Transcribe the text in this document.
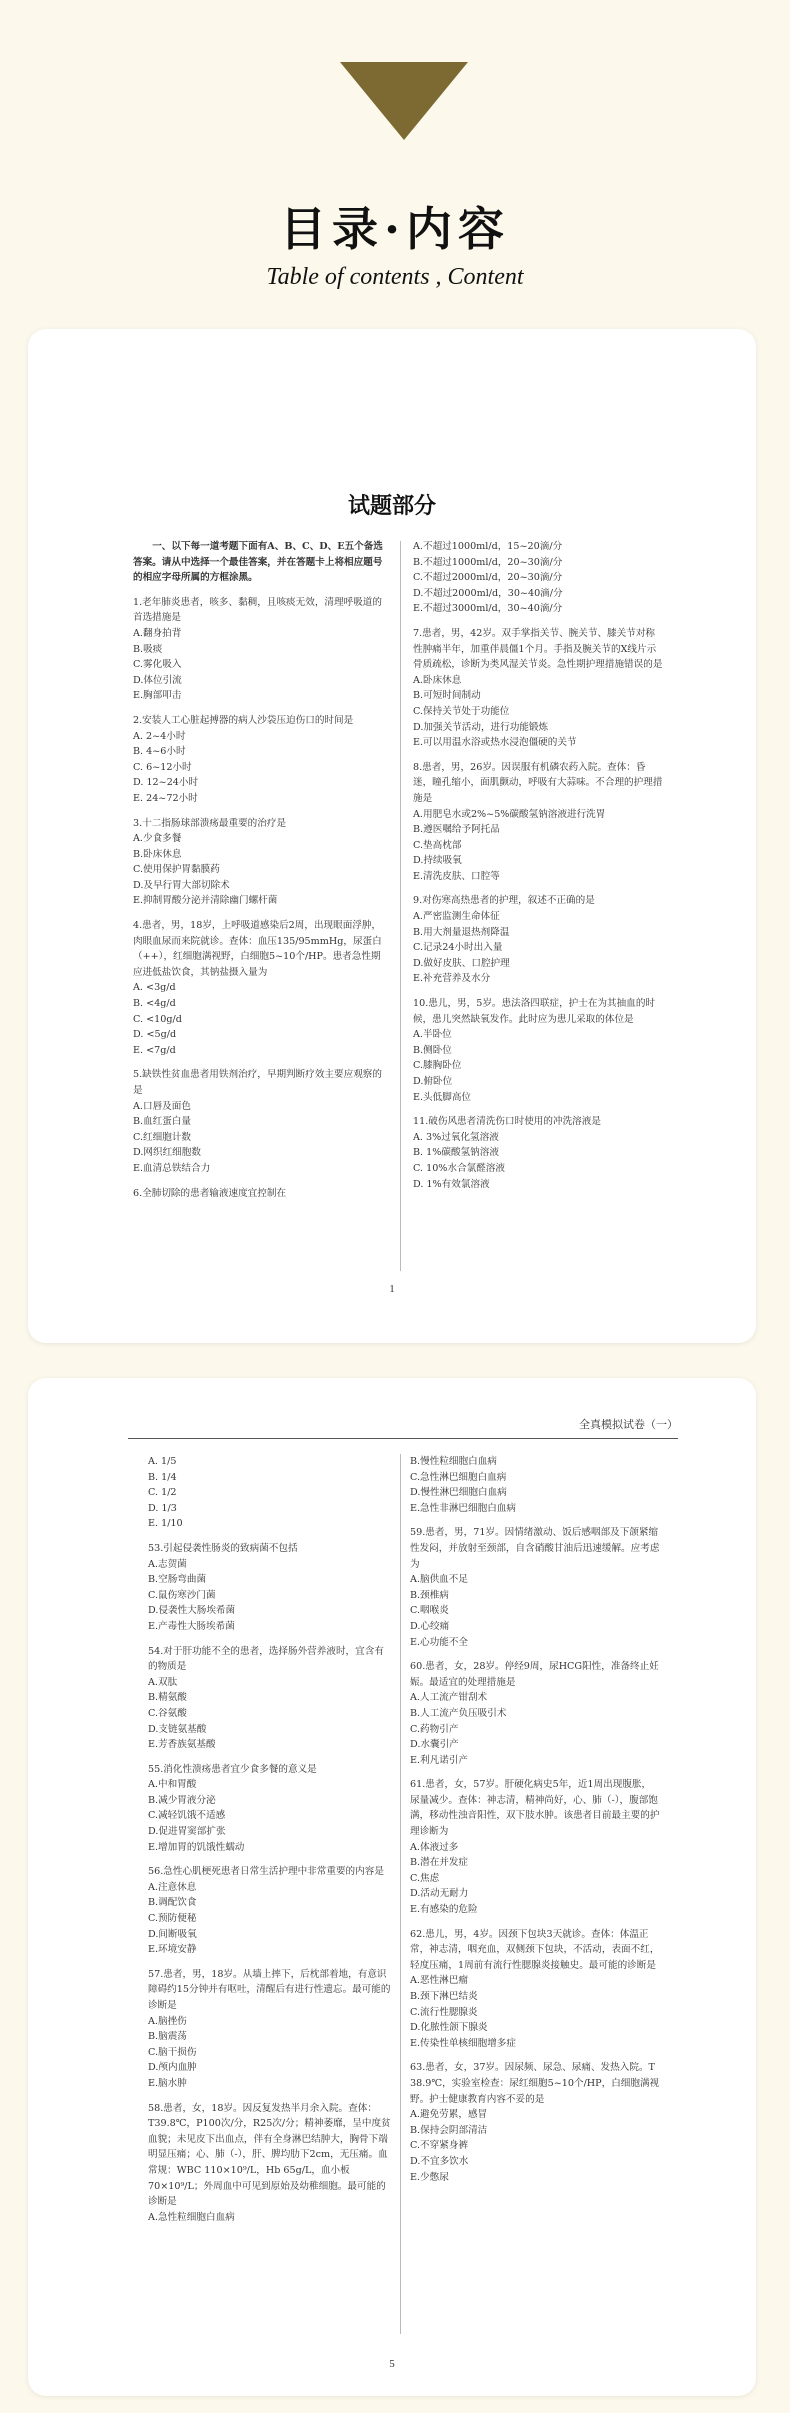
目录·内容
Table of contents , Content
试题部分

一、以下每一道考题下面有A、B、C、D、E五个备选答案。请从中选择一个最佳答案，并在答题卡上将相应题号的相应字母所属的方框涂黑。

1.老年肺炎患者，咳多、黏稠，且咳痰无效，清理呼吸道的首选措施是

A.翻身拍背

B.吸痰

C.雾化吸入

D.体位引流

E.胸部叩击

2.安装人工心脏起搏器的病人沙袋压迫伤口的时间是

A. 2~4小时

B. 4~6小时

C. 6~12小时

D. 12~24小时

E. 24~72小时

3.十二指肠球部溃疡最重要的治疗是

A.少食多餐

B.卧床休息

C.使用保护胃黏膜药

D.及早行胃大部切除术

E.抑制胃酸分泌并清除幽门螺杆菌

4.患者，男，18岁，上呼吸道感染后2周，出现眼面浮肿，肉眼血尿而来院就诊。查体：血压135/95mmHg，尿蛋白（++），红细胞满视野，白细胞5~10个/HP。患者急性期应进低盐饮食，其钠盐摄入量为

A. <3g/d

B. <4g/d

C. <10g/d

D. <5g/d

E. <7g/d

5.缺铁性贫血患者用铁剂治疗，早期判断疗效主要应观察的是

A.口唇及面色

B.血红蛋白量

C.红细胞计数

D.网织红细胞数

E.血清总铁结合力

6.全肺切除的患者输液速度宜控制在

A.不超过1000ml/d，15~20滴/分

B.不超过1000ml/d，20~30滴/分

C.不超过2000ml/d，20~30滴/分

D.不超过2000ml/d，30~40滴/分

E.不超过3000ml/d，30~40滴/分

7.患者，男，42岁。双手掌指关节、腕关节、膝关节对称性肿痛半年，加重伴晨僵1个月。手指及腕关节的X线片示骨质疏松，诊断为类风湿关节炎。急性期护理措施错误的是

A.卧床休息

B.可短时间制动

C.保持关节处于功能位

D.加强关节活动，进行功能锻炼

E.可以用温水浴或热水浸泡僵硬的关节

8.患者，男，26岁。因误服有机磷农药入院。查体：昏迷，瞳孔缩小，面肌颤动，呼吸有大蒜味。不合理的护理措施是

A.用肥皂水或2%~5%碳酸氢钠溶液进行洗胃

B.遵医嘱给予阿托品

C.垫高枕部

D.持续吸氧

E.清洗皮肤、口腔等

9.对伤寒高热患者的护理，叙述不正确的是

A.严密监测生命体征

B.用大剂量退热剂降温

C.记录24小时出入量

D.做好皮肤、口腔护理

E.补充营养及水分

10.患儿，男，5岁。患法洛四联症，护士在为其抽血的时候，患儿突然缺氧发作。此时应为患儿采取的体位是

A.半卧位

B.侧卧位

C.膝胸卧位

D.俯卧位

E.头低脚高位

11.破伤风患者清洗伤口时使用的冲洗溶液是

A. 3%过氧化氢溶液

B. 1%碳酸氢钠溶液

C. 10%水合氯醛溶液

D. 1%有效氯溶液

1
全真模拟试卷（一）

A. 1/5

B. 1/4

C. 1/2

D. 1/3

E. 1/10

53.引起侵袭性肠炎的致病菌不包括

A.志贺菌

B.空肠弯曲菌

C.鼠伤寒沙门菌

D.侵袭性大肠埃希菌

E.产毒性大肠埃希菌

54.对于肝功能不全的患者，选择肠外营养液时，宜含有的物质是

A.双肽

B.精氨酸

C.谷氨酸

D.支链氨基酸

E.芳香族氨基酸

55.消化性溃疡患者宜少食多餐的意义是

A.中和胃酸

B.减少胃液分泌

C.减轻饥饿不适感

D.促进胃窦部扩张

E.增加胃的饥饿性蠕动

56.急性心肌梗死患者日常生活护理中非常重要的内容是

A.注意休息

B.调配饮食

C.预防便秘

D.间断吸氧

E.环境安静

57.患者，男，18岁。从墙上摔下，后枕部着地，有意识障碍约15分钟并有呕吐，清醒后有进行性遗忘。最可能的诊断是

A.脑挫伤

B.脑震荡

C.脑干损伤

D.颅内血肿

E.脑水肿

58.患者，女，18岁。因反复发热半月余入院。查体：T39.8℃，P100次/分，R25次/分；精神萎靡，呈中度贫血貌；未见皮下出血点，伴有全身淋巴结肿大，胸骨下端明显压痛；心、肺（-），肝、脾均肋下2cm，无压痛。血常规：WBC 110×10⁹/L，Hb 65g/L，血小板70×10⁹/L；外周血中可见到原始及幼稚细胞。最可能的诊断是

A.急性粒细胞白血病

B.慢性粒细胞白血病

C.急性淋巴细胞白血病

D.慢性淋巴细胞白血病

E.急性非淋巴细胞白血病

59.患者，男，71岁。因情绪激动、饭后感咽部及下颌紧缩性发闷，并放射至颈部，自含硝酸甘油后迅速缓解。应考虑为

A.脑供血不足

B.颈椎病

C.咽喉炎

D.心绞痛

E.心功能不全

60.患者，女，28岁。停经9周，尿HCG阳性，准备终止妊娠。最适宜的处理措施是

A.人工流产钳刮术

B.人工流产负压吸引术

C.药物引产

D.水囊引产

E.利凡诺引产

61.患者，女，57岁。肝硬化病史5年，近1周出现腹胀，尿量减少。查体：神志清，精神尚好，心、肺（-），腹部饱满，移动性浊音阳性，双下肢水肿。该患者目前最主要的护理诊断为

A.体液过多

B.潜在并发症

C.焦虑

D.活动无耐力

E.有感染的危险

62.患儿，男，4岁。因颈下包块3天就诊。查体：体温正常，神志清，咽充血，双侧颈下包块，不活动，表面不红，轻度压痛，1周前有流行性腮腺炎接触史。最可能的诊断是

A.恶性淋巴瘤

B.颈下淋巴结炎

C.流行性腮腺炎

D.化脓性颌下腺炎

E.传染性单核细胞增多症

63.患者，女，37岁。因尿频、尿急、尿痛、发热入院。T 38.9℃，实验室检查：尿红细胞5~10个/HP，白细胞满视野。护士健康教育内容不妥的是

A.避免劳累，感冒

B.保持会阴部清洁

C.不穿紧身裤

D.不宜多饮水

E.少憋尿

5
